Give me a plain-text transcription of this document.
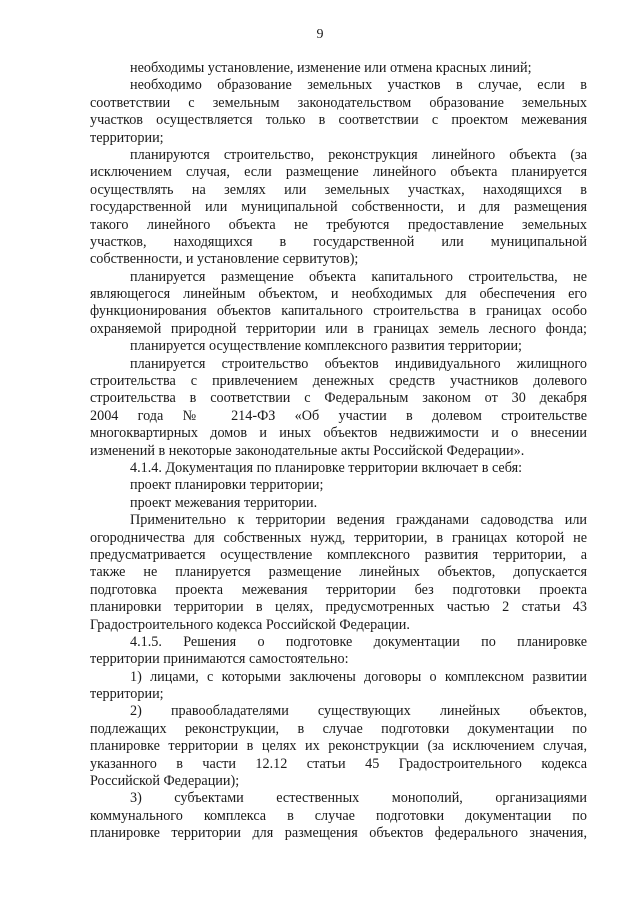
9
необходимы установление, изменение или отмена красных линий;
необходимо образование земельных участков в случае, если в
соответствии с земельным законодательством образование земельных
участков осуществляется только в соответствии с проектом межевания
территории;
планируются строительство, реконструкция линейного объекта (за
исключением случая, если размещение линейного объекта планируется
осуществлять на землях или земельных участках, находящихся в
государственной или муниципальной собственности, и для размещения
такого линейного объекта не требуются предоставление земельных
участков, находящихся в государственной или муниципальной
собственности, и установление сервитутов);
планируется размещение объекта капитального строительства, не
являющегося линейным объектом, и необходимых для обеспечения его
функционирования объектов капитального строительства в границах особо
охраняемой природной территории или в границах земель лесного фонда;
планируется осуществление комплексного развития территории;
планируется строительство объектов индивидуального жилищного
строительства с привлечением денежных средств участников долевого
строительства в соответствии с Федеральным законом от 30 декабря
2004 года № 214-ФЗ «Об участии в долевом строительстве
многоквартирных домов и иных объектов недвижимости и о внесении
изменений в некоторые законодательные акты Российской Федерации».
4.1.4. Документация по планировке территории включает в себя:
проект планировки территории;
проект межевания территории.
Применительно к территории ведения гражданами садоводства или
огородничества для собственных нужд, территории, в границах которой не
предусматривается осуществление комплексного развития территории, а
также не планируется размещение линейных объектов, допускается
подготовка проекта межевания территории без подготовки проекта
планировки территории в целях, предусмотренных частью 2 статьи 43
Градостроительного кодекса Российской Федерации.
4.1.5. Решения о подготовке документации по планировке
территории принимаются самостоятельно:
1) лицами, с которыми заключены договоры о комплексном развитии
территории;
2) правообладателями существующих линейных объектов,
подлежащих реконструкции, в случае подготовки документации по
планировке территории в целях их реконструкции (за исключением случая,
указанного в части 12.12 статьи 45 Градостроительного кодекса
Российской Федерации);
3) субъектами естественных монополий, организациями
коммунального комплекса в случае подготовки документации по
планировке территории для размещения объектов федерального значения,
